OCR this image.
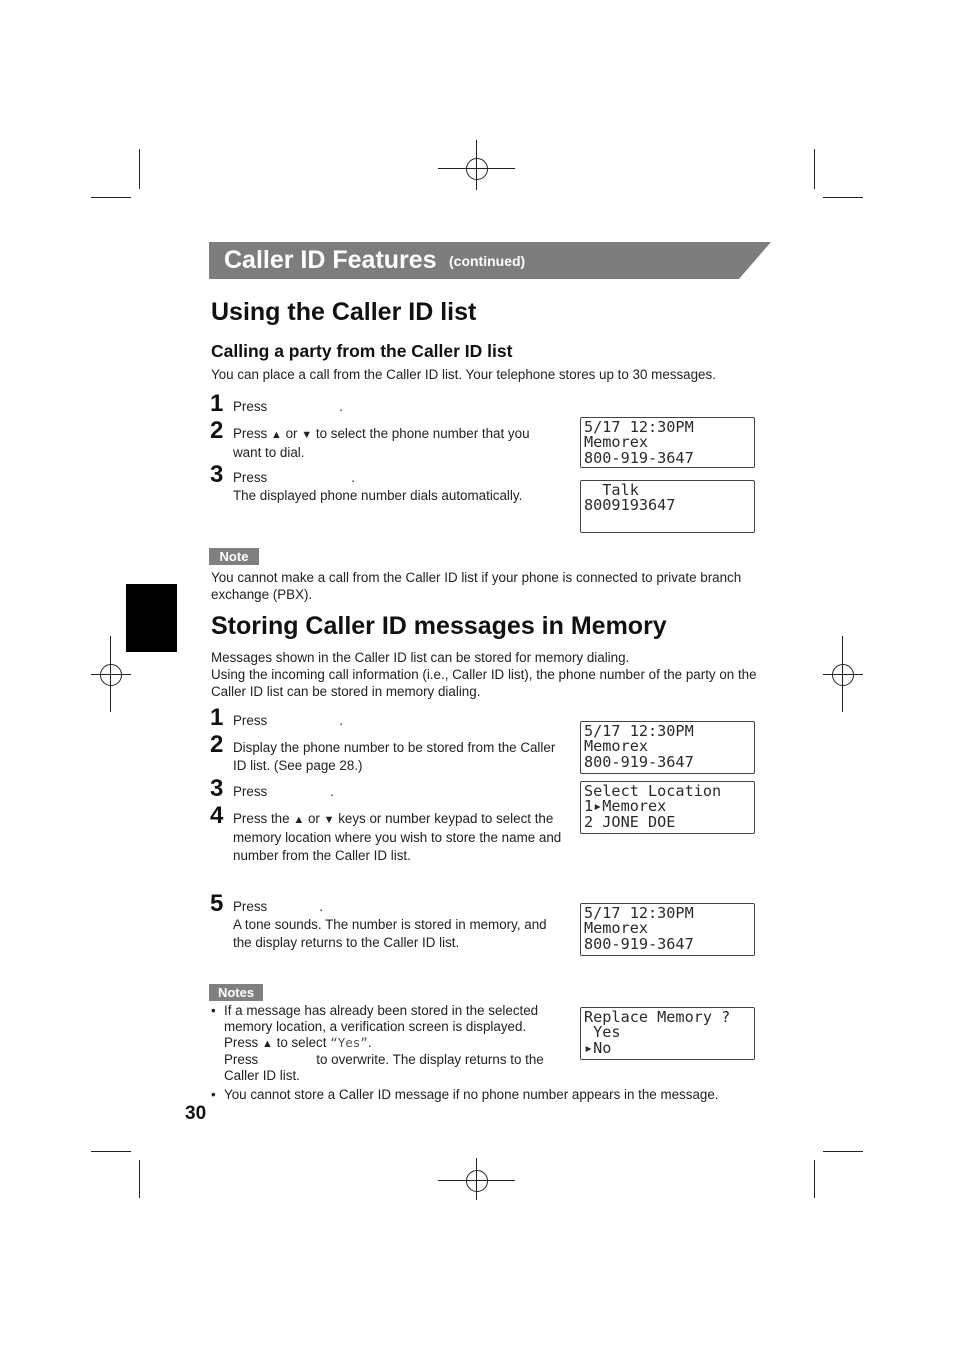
Caller ID Features (continued)
Using the Caller ID list
Calling a party from the Caller ID list
You can place a call from the Caller ID list. Your telephone stores up to 30 messages.
1 Press	.
2 Press ▲ or ▼ to select the phone number that you want to dial.
3 Press	.
The displayed phone number dials automatically.
5/17 12:30PM
Memorex
800-919-3647
Talk
8009193647
Note
You cannot make a call from the Caller ID list if your phone is connected to private branch exchange (PBX).
Storing Caller ID messages in Memory
Messages shown in the Caller ID list can be stored for memory dialing.
Using the incoming call information (i.e., Caller ID list), the phone number of the party on the Caller ID list can be stored in memory dialing.
1 Press	.
2 Display the phone number to be stored from the Caller ID list. (See page 28.)
3 Press	.
4 Press the ▲ or ▼ keys or number keypad to select the memory location where you wish to store the name and number from the Caller ID list.
5 Press	.
A tone sounds. The number is stored in memory, and the display returns to the Caller ID list.
5/17 12:30PM
Memorex
800-919-3647
Select Location
1▸Memorex
2 JONE DOE
5/17 12:30PM
Memorex
800-919-3647
Replace Memory ?
Yes
▸No
Notes
• If a message has already been stored in the selected memory location, a verification screen is displayed. Press ▲ to select “Yes”.
Press	to overwrite. The display returns to the Caller ID list.
• You cannot store a Caller ID message if no phone number appears in the message.
30
